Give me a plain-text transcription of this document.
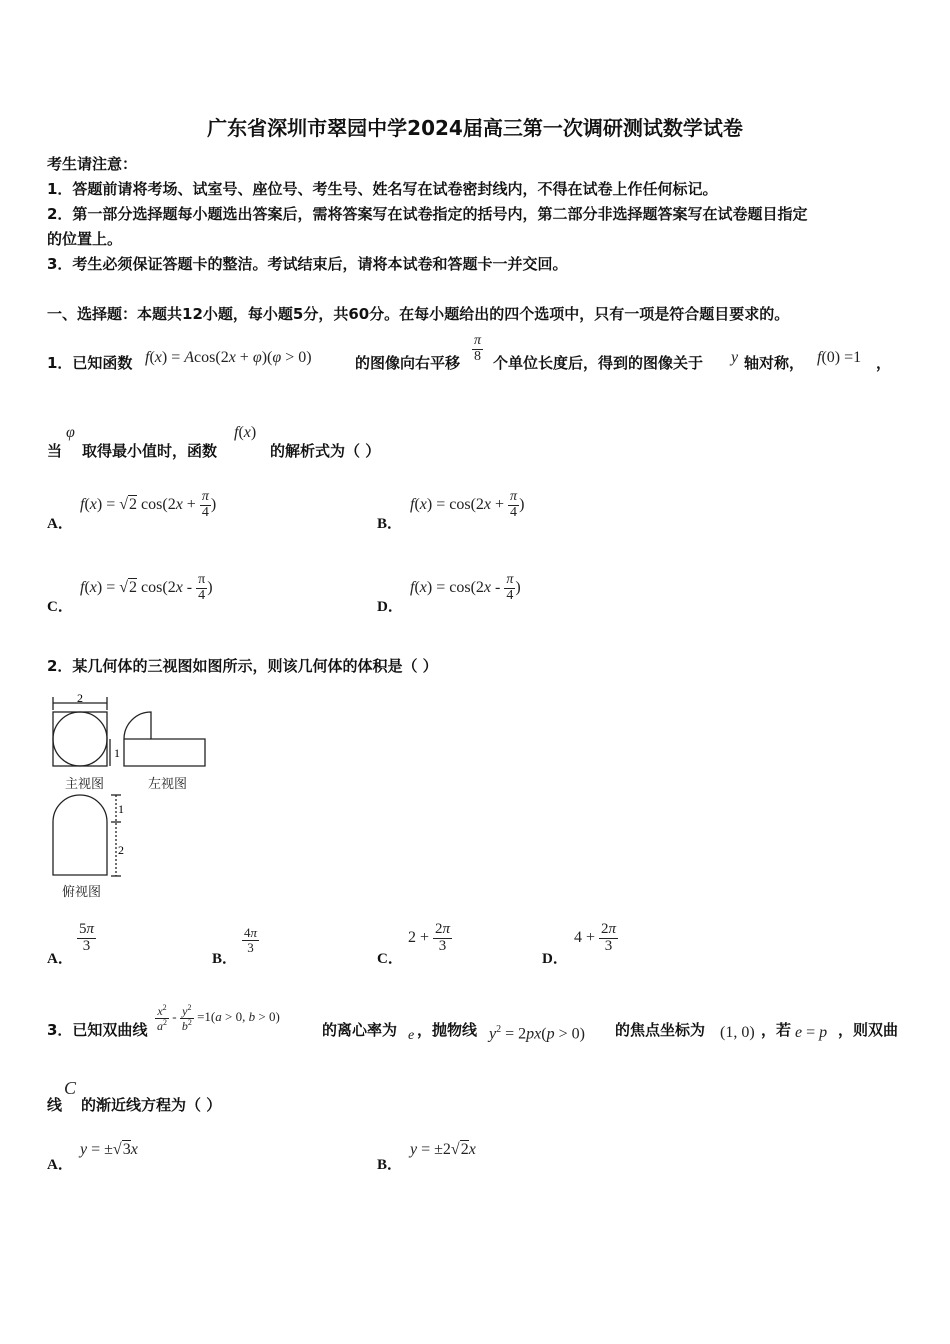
广东省深圳市翠园中学2024届高三第一次调研测试数学试卷
考生请注意：
1．答题前请将考场、试室号、座位号、考生号、姓名写在试卷密封线内，不得在试卷上作任何标记。
2．第一部分选择题每小题选出答案后，需将答案写在试卷指定的括号内，第二部分非选择题答案写在试卷题目指定
的位置上。
3．考生必须保证答题卡的整洁。考试结束后，请将本试卷和答题卡一并交回。
一、选择题：本题共12小题，每小题5分，共60分。在每小题给出的四个选项中，只有一项是符合题目要求的。
1．已知函数 f(x) = Acos(2x + φ)(φ > 0)	的图像向右平移 $\frac{\pi}{8}$ 个单位长度后，得到的图像关于 y 轴对称， f(0) =1 ，
当
φ
取得最小值时，函数
f(x)
的解析式为（ ）
A．
f(x) = √2 $\cos(2x + \frac{\pi}{4}$ )
B．
$f(x) = \cos(2x + \frac{\pi}{4}$ )
C．
f(x) = √2 $\cos(2x - \frac{\pi}{4}$ )
D．
$f(x) = \cos(2x - \frac{\pi}{4}$ )
2．某几何体的三视图如图所示，则该几何体的体积是（ ）
2
1
1
2
主视图	左视图
俯视图
A．
$\frac{5\pi}{3}$
B．
$\frac{4\pi}{3}$
C．
$2 + \frac{2\pi}{3}$
D．
$4 + \frac{2\pi}{3}$
3．已知双曲线 $\frac{x^2}{a^2} - \frac{y^2}{b^2} =1(a > 0$, b > 0)
的离心率为 e ，抛物线 $y^2 = 2px(p > 0)$ 的焦点坐标为 (1, 0) ，若 e = p ，则双曲
线
C
的渐近线方程为（ ）
A．
y = ±√3x
B．
y = ±2√2x
